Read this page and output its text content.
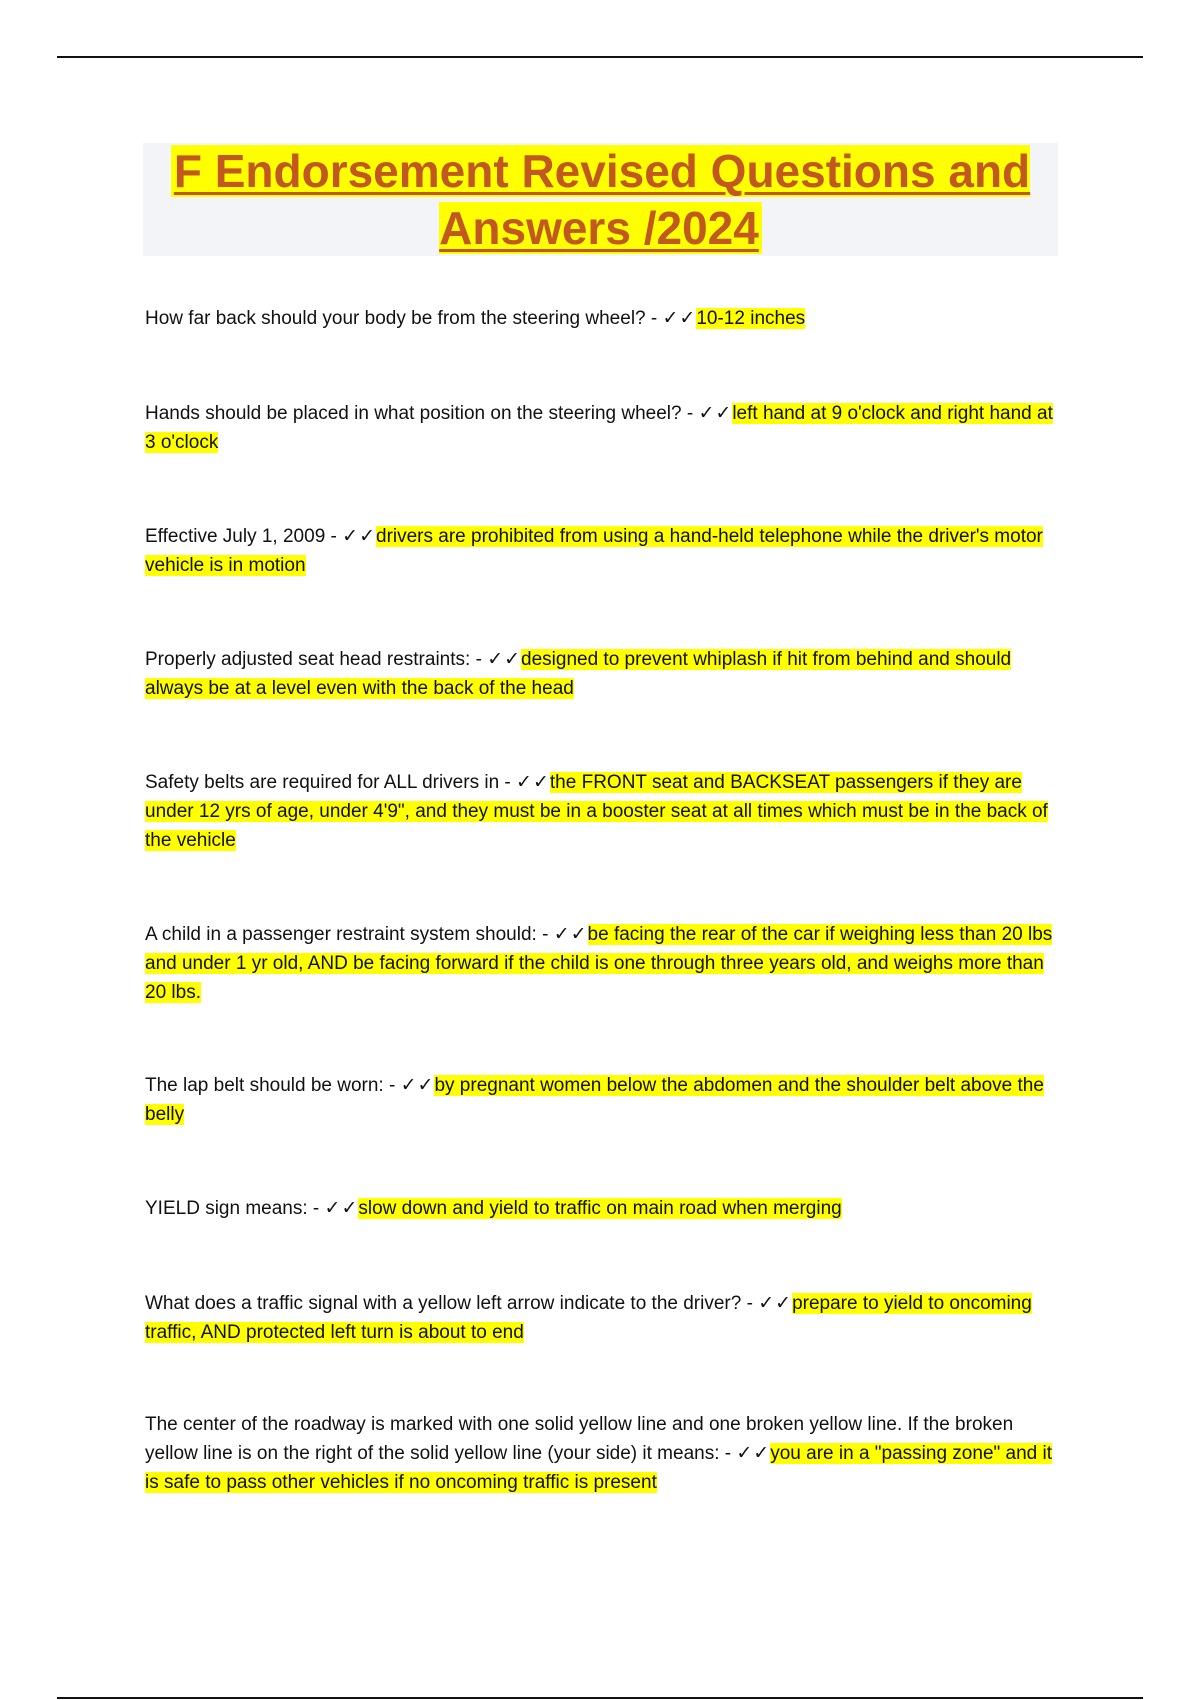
F Endorsement Revised Questions and Answers /2024
How far back should your body be from the steering wheel? - ✓✓10-12 inches
Hands should be placed in what position on the steering wheel? - ✓✓left hand at 9 o'clock and right hand at 3 o'clock
Effective July 1, 2009 - ✓✓drivers are prohibited from using a hand-held telephone while the driver's motor vehicle is in motion
Properly adjusted seat head restraints: - ✓✓designed to prevent whiplash if hit from behind and should always be at a level even with the back of the head
Safety belts are required for ALL drivers in - ✓✓the FRONT seat and BACKSEAT passengers if they are under 12 yrs of age, under 4'9", and they must be in a booster seat at all times which must be in the back of the vehicle
A child in a passenger restraint system should: - ✓✓be facing the rear of the car if weighing less than 20 lbs and under 1 yr old, AND be facing forward if the child is one through three years old, and weighs more than 20 lbs.
The lap belt should be worn: - ✓✓by pregnant women below the abdomen and the shoulder belt above the belly
YIELD sign means: - ✓✓slow down and yield to traffic on main road when merging
What does a traffic signal with a yellow left arrow indicate to the driver? - ✓✓prepare to yield to oncoming traffic, AND protected left turn is about to end
The center of the roadway is marked with one solid yellow line and one broken yellow line. If the broken yellow line is on the right of the solid yellow line (your side) it means: - ✓✓you are in a "passing zone" and it is safe to pass other vehicles if no oncoming traffic is present
